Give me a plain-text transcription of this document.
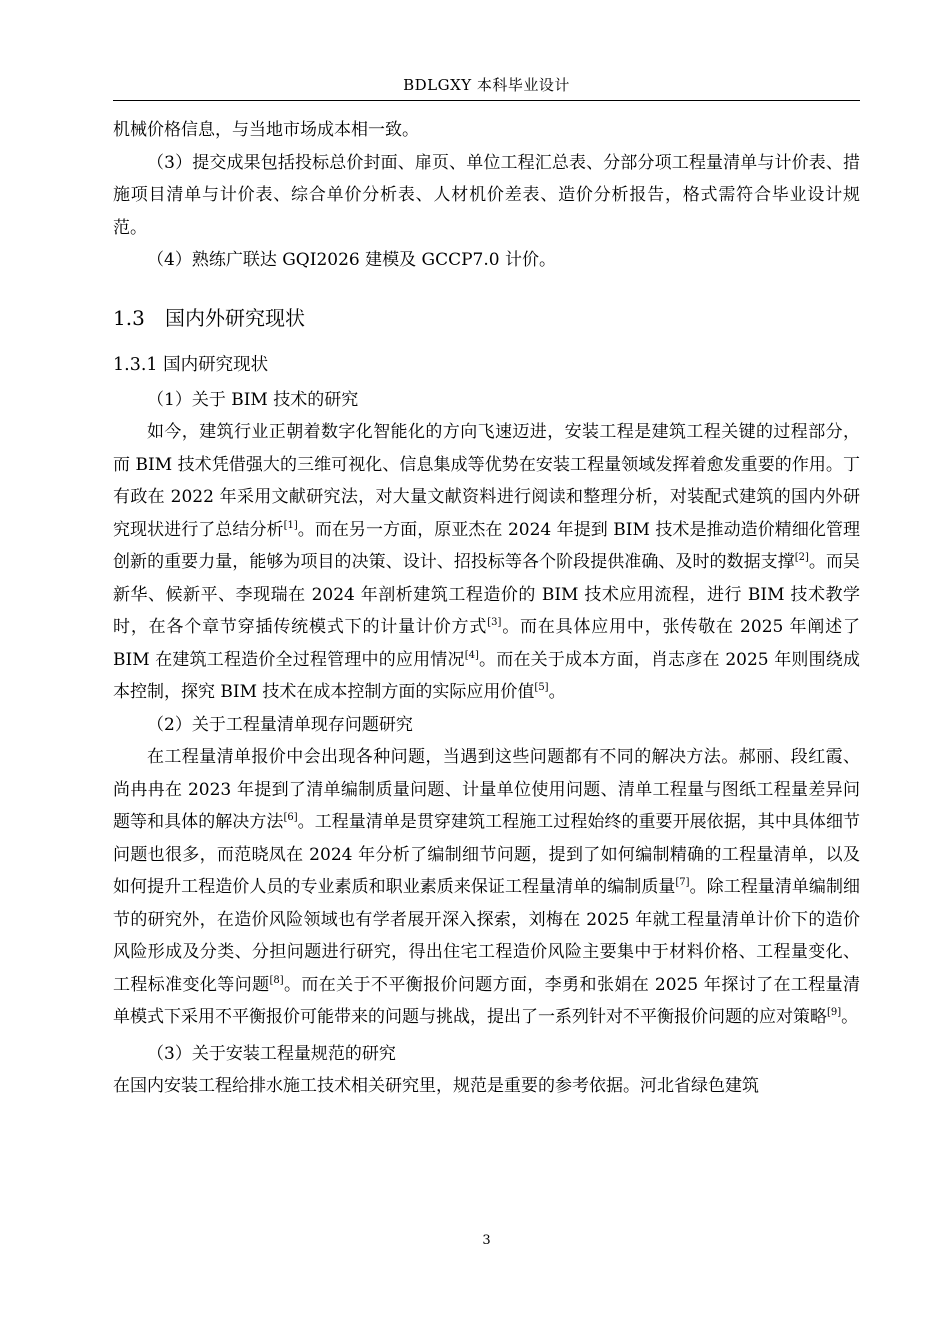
BDLGXY 本科毕业设计

机械价格信息，与当地市场成本相一致。

（3）提交成果包括投标总价封面、扉页、单位工程汇总表、分部分项工程量清单与计价表、措施项目清单与计价表、综合单价分析表、人材机价差表、造价分析报告，格式需符合毕业设计规范。

（4）熟练广联达 GQI2026 建模及 GCCP7.0 计价。

1.3 国内外研究现状
1.3.1 国内研究现状

（1）关于 BIM 技术的研究

如今，建筑行业正朝着数字化智能化的方向飞速迈进，安装工程是建筑工程关键的过程部分，而 BIM 技术凭借强大的三维可视化、信息集成等优势在安装工程量领域发挥着愈发重要的作用。丁有政在 2022 年采用文献研究法，对大量文献资料进行阅读和整理分析，对装配式建筑的国内外研究现状进行了总结分析[1]。而在另一方面，原亚杰在 2024 年提到 BIM 技术是推动造价精细化管理创新的重要力量，能够为项目的决策、设计、招投标等各个阶段提供准确、及时的数据支撑[2]。而吴新华、候新平、李现瑞在 2024 年剖析建筑工程造价的 BIM 技术应用流程，进行 BIM 技术教学时，在各个章节穿插传统模式下的计量计价方式[3]。而在具体应用中，张传敬在 2025 年阐述了 BIM 在建筑工程造价全过程管理中的应用情况[4]。而在关于成本方面，肖志彦在 2025 年则围绕成本控制，探究 BIM 技术在成本控制方面的实际应用价值[5]。

（2）关于工程量清单现存问题研究

在工程量清单报价中会出现各种问题，当遇到这些问题都有不同的解决方法。郝丽、段红霞、尚冉冉在 2023 年提到了清单编制质量问题、计量单位使用问题、清单工程量与图纸工程量差异问题等和具体的解决方法[6]。工程量清单是贯穿建筑工程施工过程始终的重要开展依据，其中具体细节问题也很多，而范晓凤在 2024 年分析了编制细节问题，提到了如何编制精确的工程量清单，以及如何提升工程造价人员的专业素质和职业素质来保证工程量清单的编制质量[7]。除工程量清单编制细节的研究外，在造价风险领域也有学者展开深入探索，刘梅在 2025 年就工程量清单计价下的造价风险形成及分类、分担问题进行研究，得出住宅工程造价风险主要集中于材料价格、工程量变化、工程标准变化等问题[8]。而在关于不平衡报价问题方面，李勇和张娟在 2025 年探讨了在工程量清单模式下采用不平衡报价可能带来的问题与挑战，提出了一系列针对不平衡报价问题的应对策略[9]。

（3）关于安装工程量规范的研究

在国内安装工程给排水施工技术相关研究里，规范是重要的参考依据。河北省绿色建筑

3
